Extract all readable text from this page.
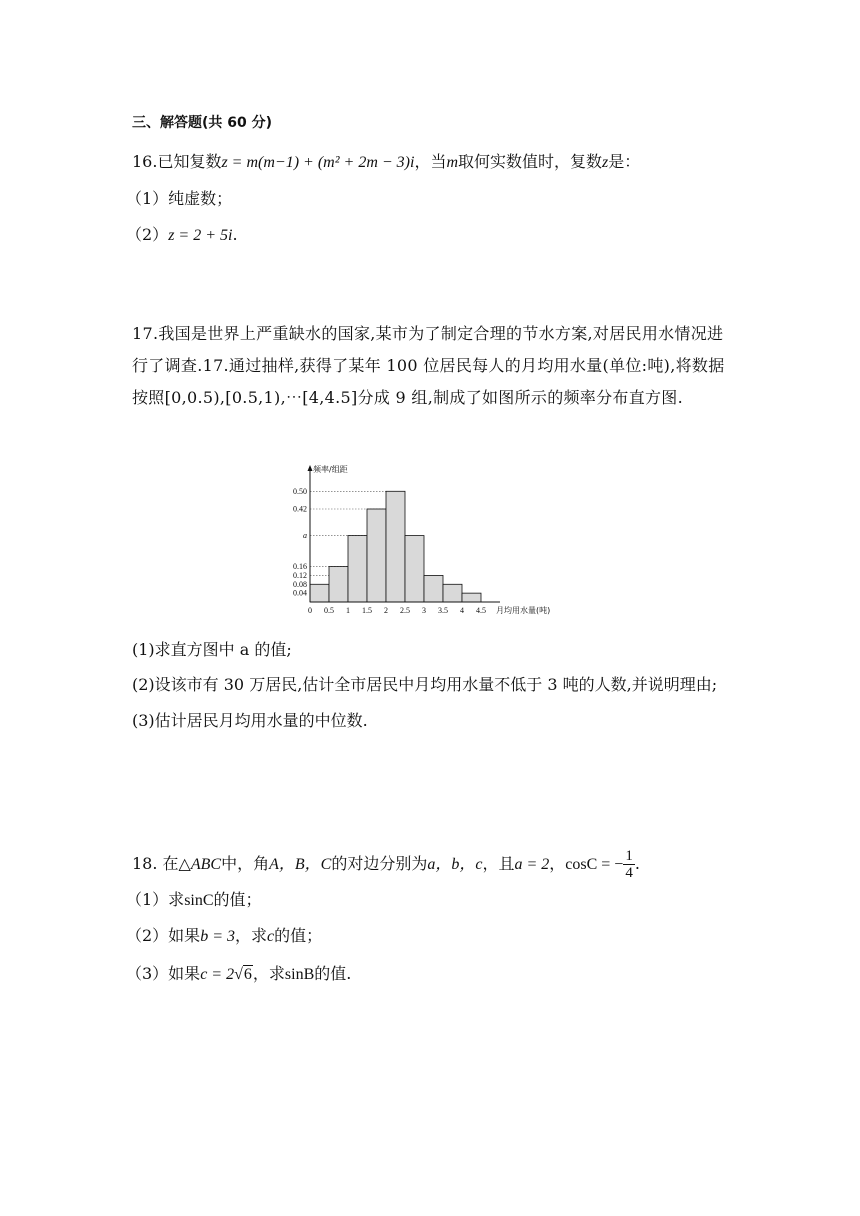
三、解答题(共 60 分)
16.已知复数z = m(m−1) + (m² + 2m − 3)i，当m取何实数值时，复数z是：
（1）纯虚数；
（2）z = 2 + 5i.
17.我国是世界上严重缺水的国家,某市为了制定合理的节水方案,对居民用水情况进行了调查.17.通过抽样,获得了某年 100 位居民每人的月均用水量(单位:吨),将数据按照[0,0.5),[0.5,1),⋯[4,4.5]分成 9 组,制成了如图所示的频率分布直方图.
0.04
0.08
0.12
0.16
a
0.42
0.50
0 0.5 1 1.5 2 2.5 3 3.5 4 4.5
频率/组距
月均用水量(吨)
(1)求直方图中 a 的值;
(2)设该市有 30 万居民,估计全市居民中月均用水量不低于 3 吨的人数,并说明理由;
(3)估计居民月均用水量的中位数.
18. 在△ABC中，角A，B，C的对边分别为a，b，c，且a = 2，cosC = − $\frac{1}{4}$ .
（1）求sinC的值；
（2）如果b = 3，求c的值；
（3）如果c = 2√6，求sinB的值.
